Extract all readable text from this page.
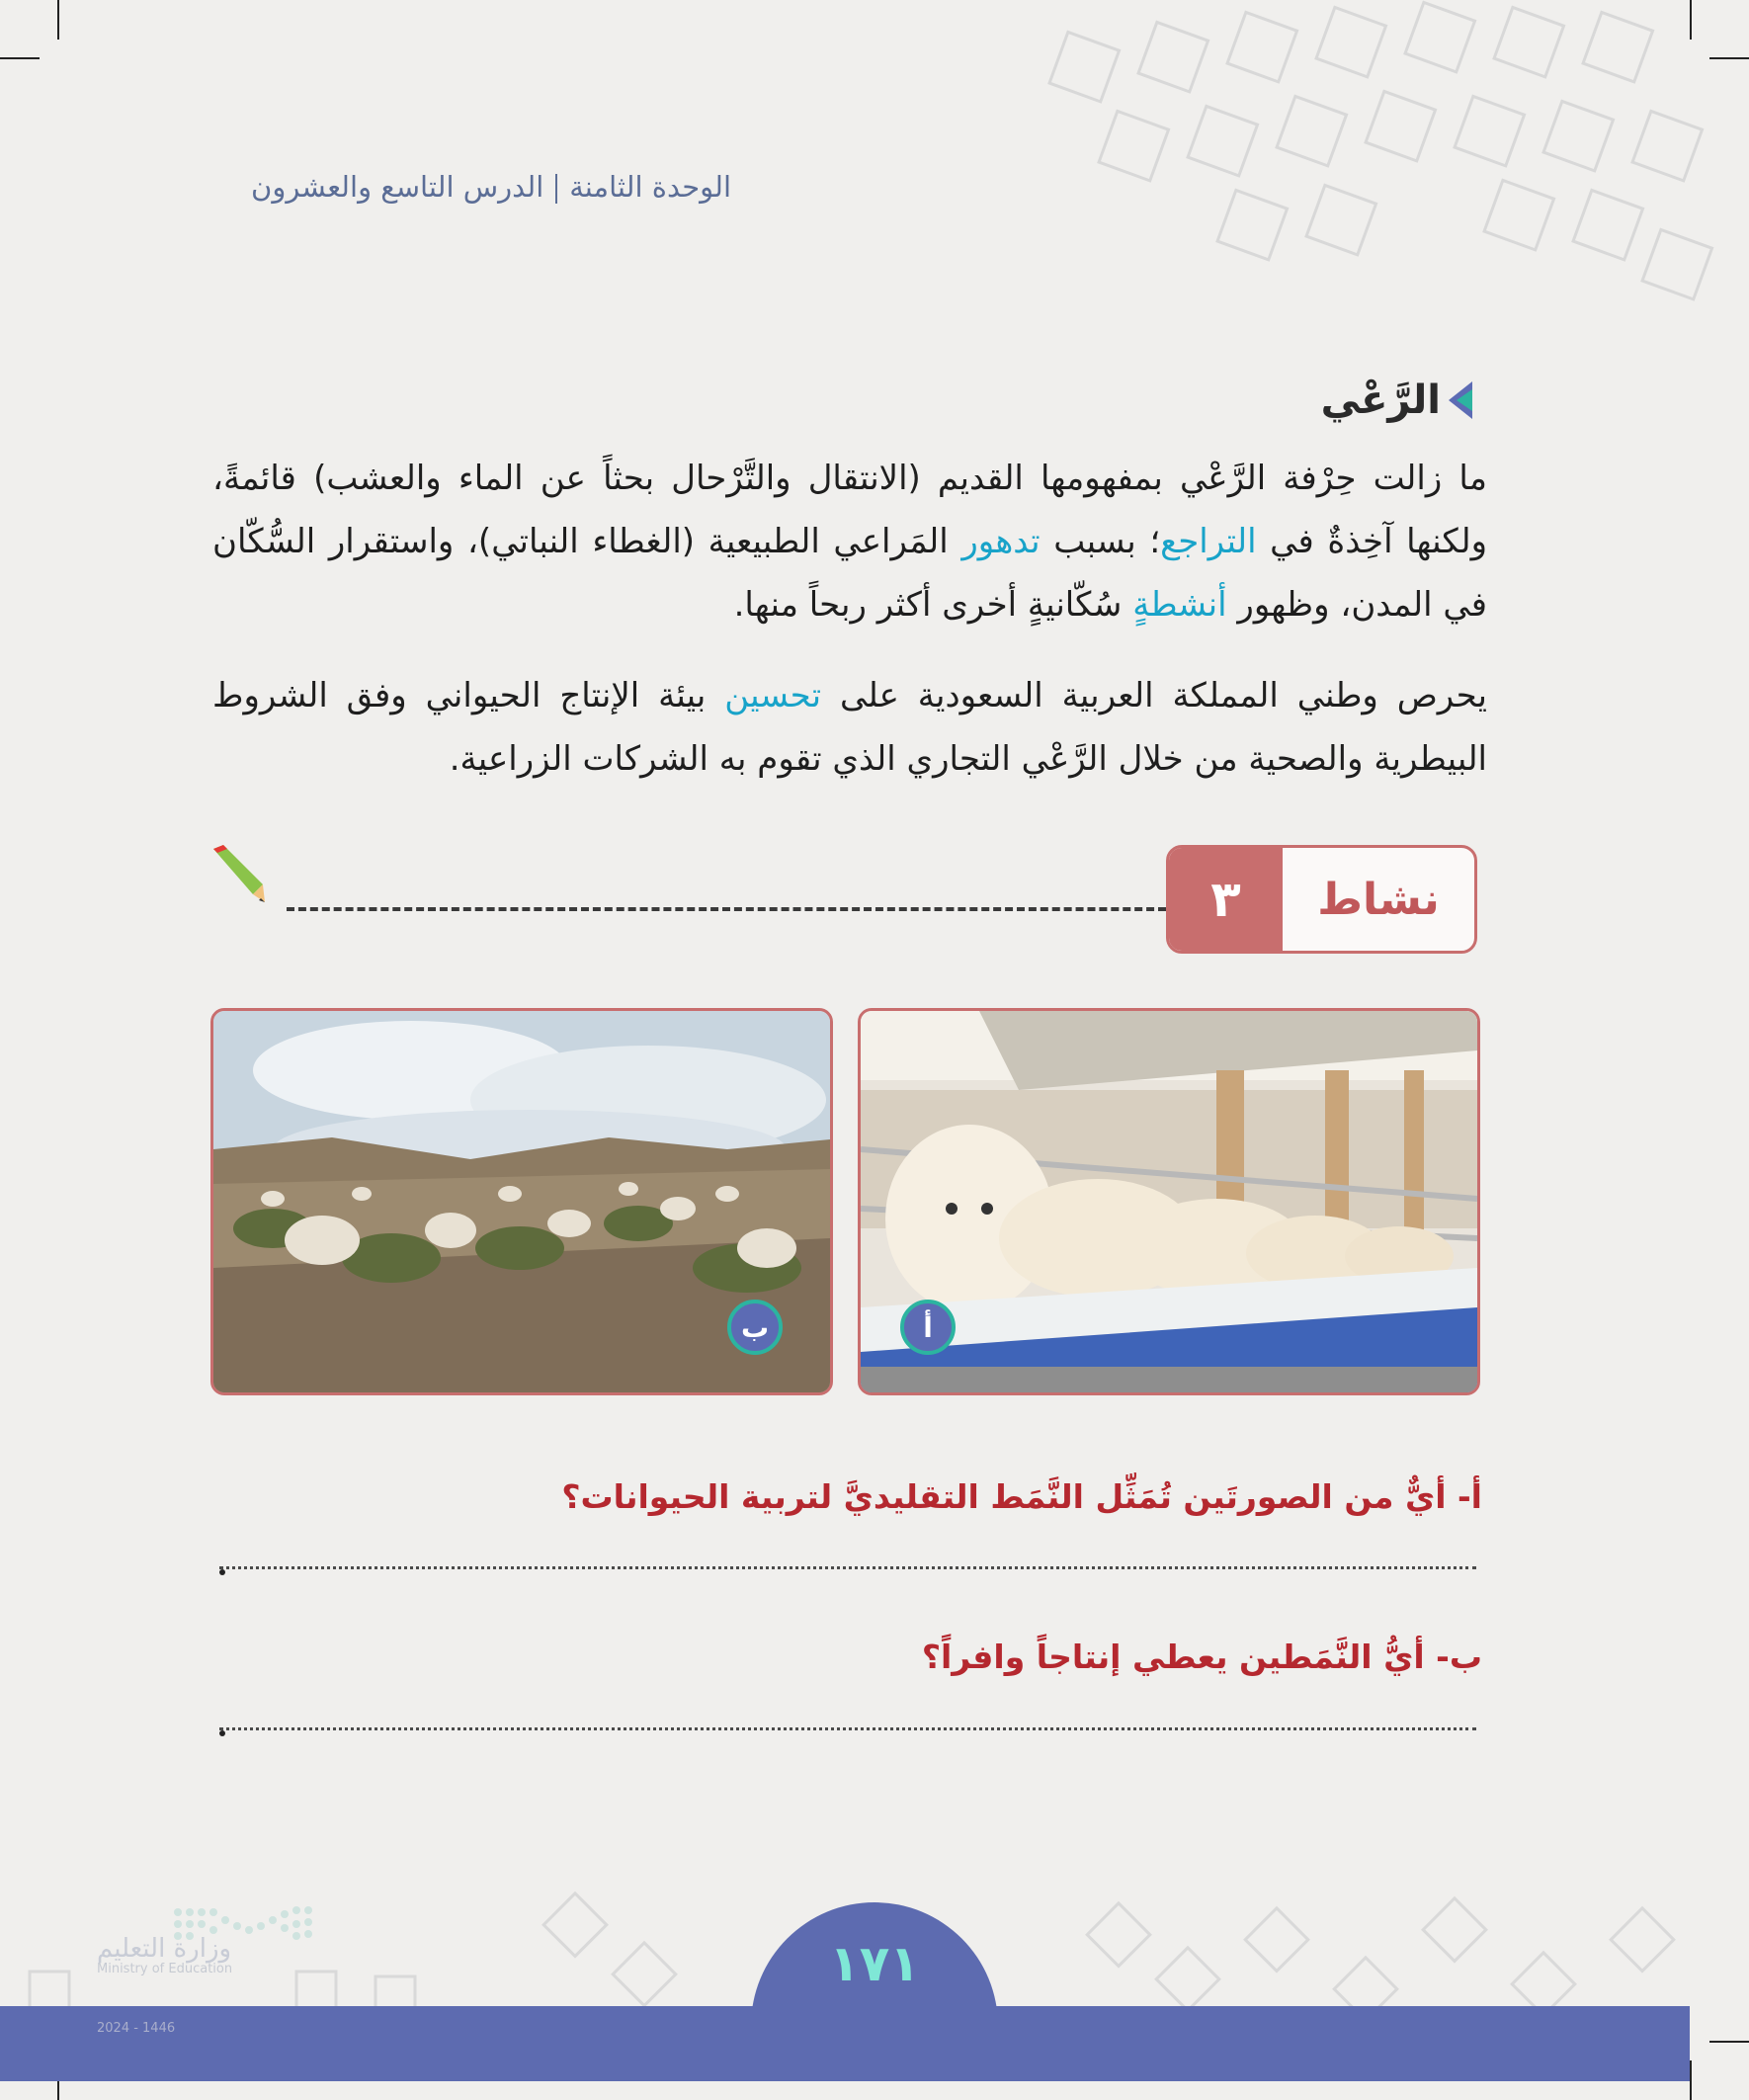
الوحدة الثامنةالدرس التاسع والعشرون
الرَّعْي
ما زالت حِرْفة الرَّعْي بمفهومها القديم (الانتقال والتَّرْحال بحثاً عن الماء والعشب) قائمةً، ولكنها آخِذةٌ في التراجع؛ بسبب تدهور المَراعي الطبيعية (الغطاء النباتي)، واستقرار السُّكّان في المدن، وظهور أنشطةٍ سُكّانيةٍ أخرى أكثر ربحاً منها.
يحرص وطني المملكة العربية السعودية على تحسين بيئة الإنتاج الحيواني وفق الشروط البيطرية والصحية من خلال الرَّعْي التجاري الذي تقوم به الشركات الزراعية.
٣	نشاط
أ
ب
أ- أيٌّ من الصورتَين تُمَثِّل النَّمَط التقليديَّ لتربية الحيوانات؟
ب- أيُّ النَّمَطين يعطي إنتاجاً وافراً؟
وزارة التعليم
Ministry of Education	١٧١
2024 - 1446
